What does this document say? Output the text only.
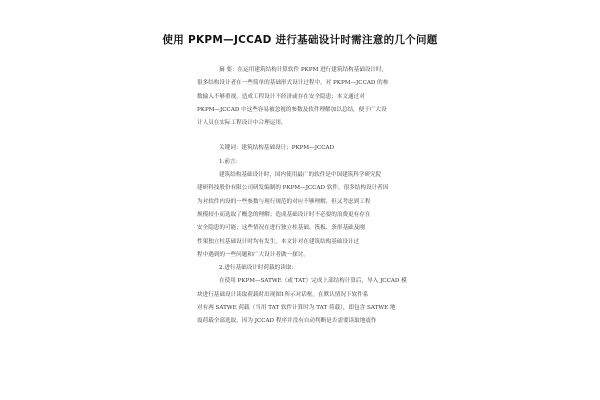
使用 PKPM—JCCAD 进行基础设计时需注意的几个问题

摘 要：在运用建筑结构计算软件 PKPM 进行建筑结构基础设计时,

很多结构设计者在一些简单的基础形式设计过程中，对 PKPM—JCCAD 的参

数输入不够重视，造成工程设计不经济或存在安全隐患；本文通过对

PKPM—JCCAD 中这些容易被忽视的参数及软件理解加以总结，便于广大设

计人员在实际工程设计中合理运用。

关键词：建筑结构基础设计；PKPM—JCCAD

1.前言：

建筑结构基础设计时，国内使用最广的软件是中国建筑科学研究院

建研科技股份有限公司研发编制的 PKPM—JCCAD 软件，很多结构设计者因

为对软件内设的一些参数与现行规范的对应不够理解，但又考虑到工程

规模较小而选取了概念的理解；造成基础设计时不必要的浪费更有存在

安全隐患的可能；这些情况在进行独立柱基础、筏板、条形基础及刚

性架独立柱基础设计时均有发生。本文针对在建筑结构基础设计过

程中遇到的一些问题和广大设计者做一探讨。

2.进行基础设计时荷载的读取：

在使用 PKPM—SATWE（或 TAT）完成上部结构计算后，导入 JCCAD 模

块进行基础设计读取荷载时出现图1所示对话框。在默认情况下软件系

对有两 SATWE 荷载（当用 TAT 软件计算时为 TAT 荷载），即包含 SATWE 地

震荷载全部选取，因为 JCCAD 程序并没有自动判断是否需要读取地震作
